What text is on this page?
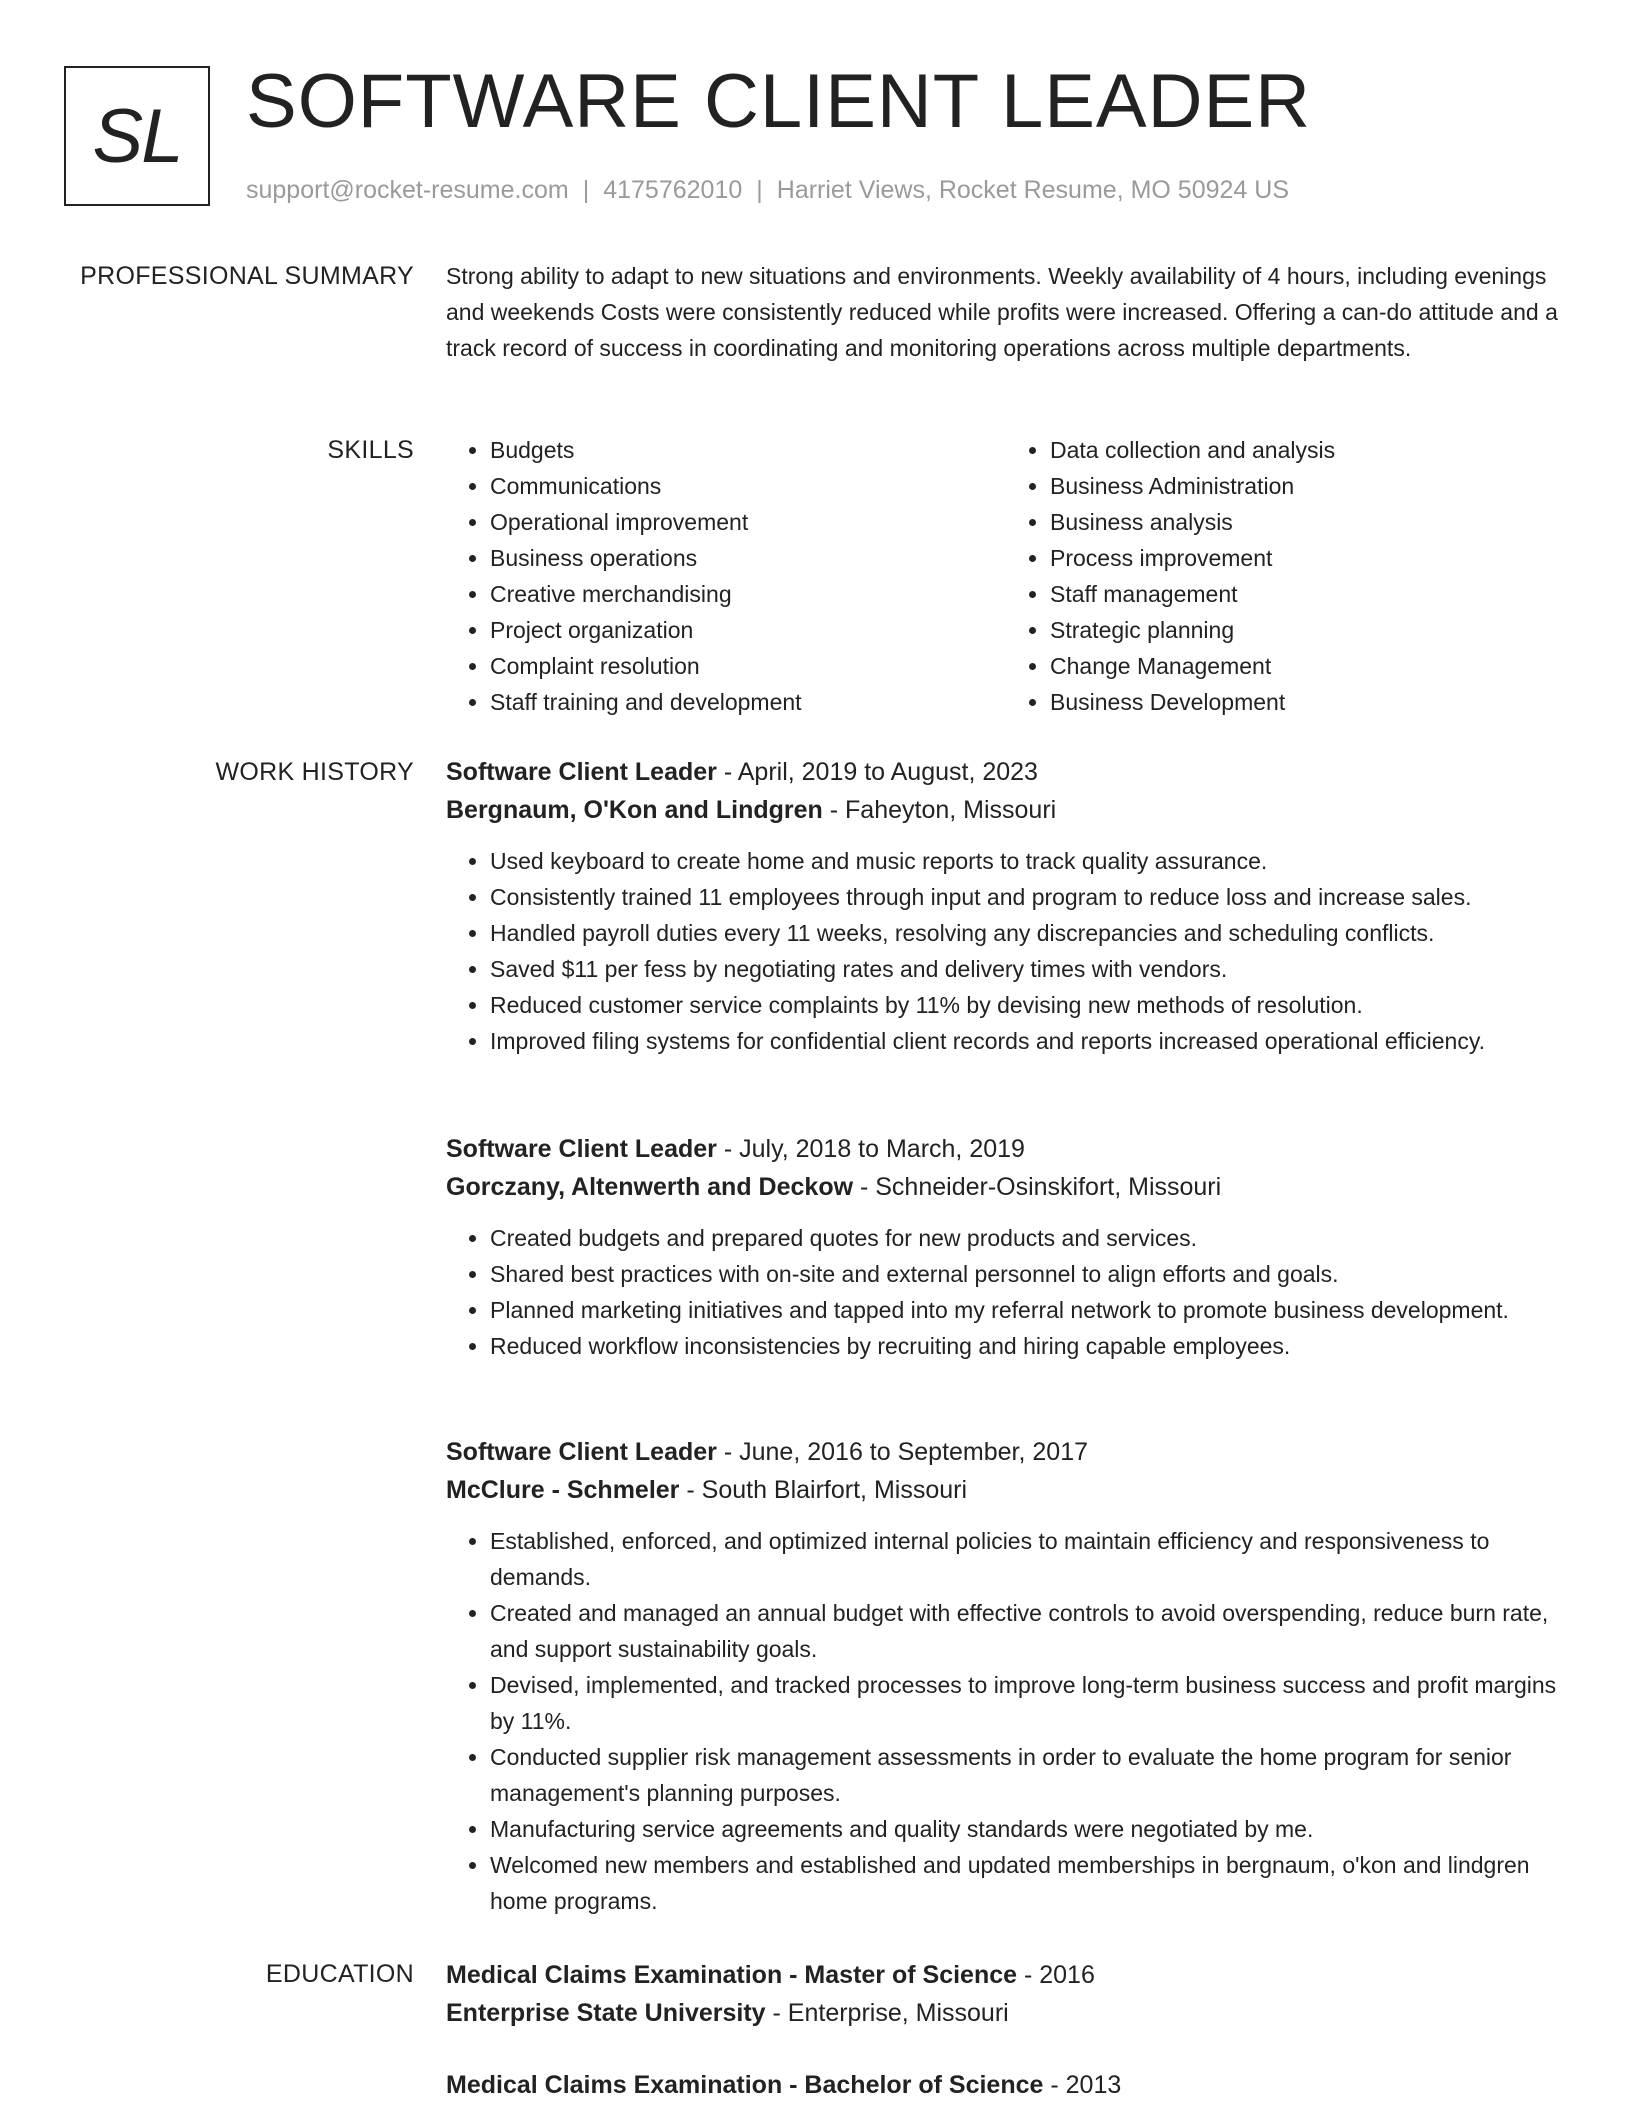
SL SOFTWARE CLIENT LEADER
support@rocket-resume.com | 4175762010 | Harriet Views, Rocket Resume, MO 50924 US
PROFESSIONAL SUMMARY Strong ability to adapt to new situations and environments. Weekly availability of 4 hours, including evenings and weekends Costs were consistently reduced while profits were increased. Offering a can-do attitude and a track record of success in coordinating and monitoring operations across multiple departments.

SKILLS
•	Budgets
• Communications
• Operational improvement
• Business operations
• Creative merchandising
• Project organization
• Complaint resolution
• Staff training and development
• Data collection and analysis
• Business Administration
• Business analysis
• Process improvement
• Staff management
• Strategic planning
• Change Management
• Business Development
WORK HISTORY Software Client Leader - April, 2019 to August, 2023
Bergnaum, O'Kon and Lindgren - Faheyton, Missouri
• Used keyboard to create home and music reports to track quality assurance.
• Consistently trained 11 employees through input and program to reduce loss and increase sales.
• Handled payroll duties every 11 weeks, resolving any discrepancies and scheduling conflicts.
• Saved $11 per fess by negotiating rates and delivery times with vendors.
• Reduced customer service complaints by 11% by devising new methods of resolution.
• Improved filing systems for confidential client records and reports increased operational efficiency.
Software Client Leader - July, 2018 to March, 2019
Gorczany, Altenwerth and Deckow - Schneider-Osinskifort, Missouri
• Created budgets and prepared quotes for new products and services.
• Shared best practices with on-site and external personnel to align efforts and goals.
• Planned marketing initiatives and tapped into my referral network to promote business development.
• Reduced workflow inconsistencies by recruiting and hiring capable employees.
Software Client Leader - June, 2016 to September, 2017
McClure - Schmeler - South Blairfort, Missouri
• Established, enforced, and optimized internal policies to maintain efficiency and responsiveness to demands.
• Created and managed an annual budget with effective controls to avoid overspending, reduce burn rate, and support sustainability goals.
• Devised, implemented, and tracked processes to improve long-term business success and profit margins by 11%.
• Conducted supplier risk management assessments in order to evaluate the home program for senior management's planning purposes.
• Manufacturing service agreements and quality standards were negotiated by me.
• Welcomed new members and established and updated memberships in bergnaum, o'kon and lindgren home programs.
EDUCATION Medical Claims Examination - Master of Science - 2016
Enterprise State University - Enterprise, Missouri
Medical Claims Examination - Bachelor of Science - 2013
